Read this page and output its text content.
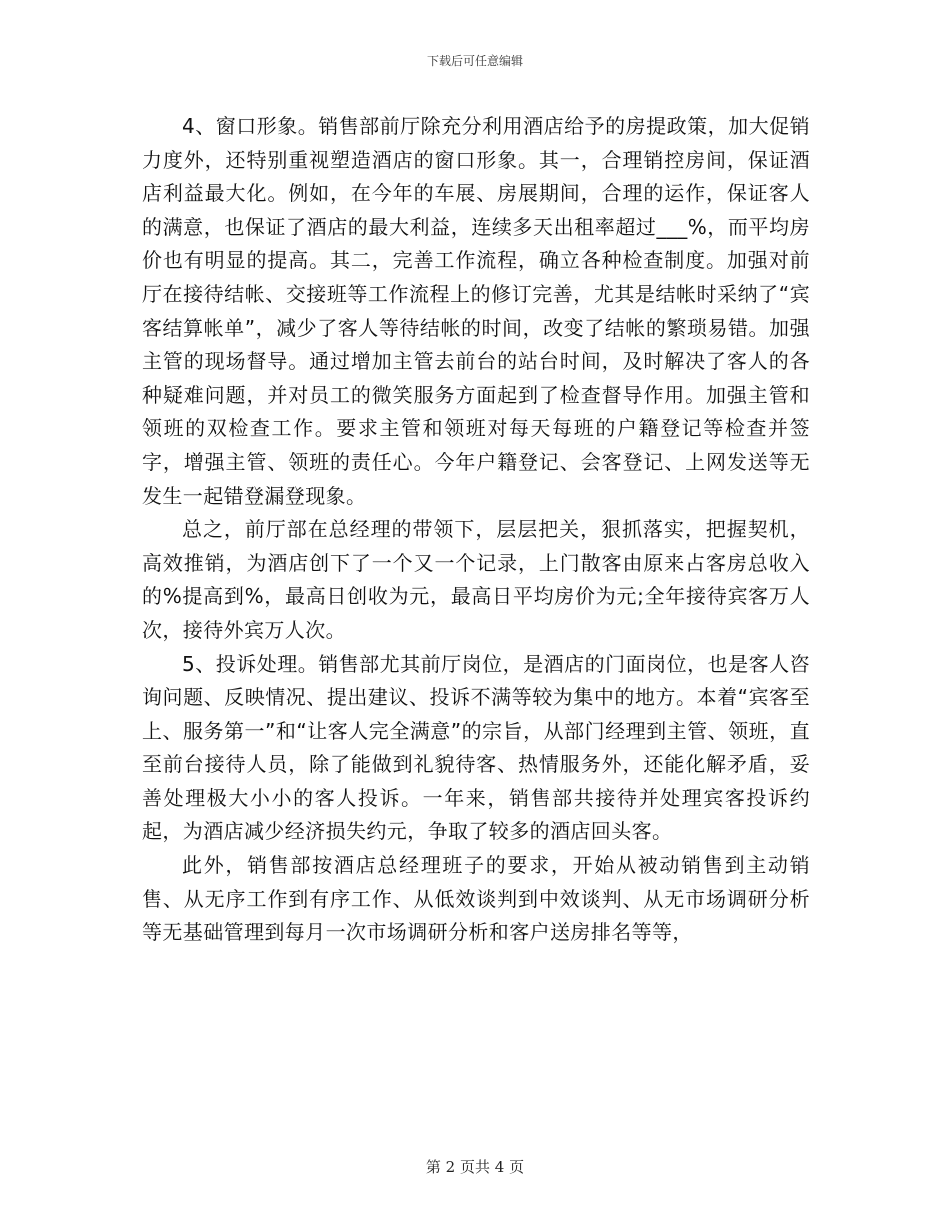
下载后可任意编辑

4、窗口形象。销售部前厅除充分利用酒店给予的房提政策，加大促销力度外，还特别重视塑造酒店的窗口形象。其一，合理销控房间，保证酒店利益最大化。例如，在今年的车展、房展期间，合理的运作，保证客人的满意，也保证了酒店的最大利益，连续多天出租率超过___%，而平均房价也有明显的提高。其二，完善工作流程，确立各种检查制度。加强对前厅在接待结帐、交接班等工作流程上的修订完善，尤其是结帐时采纳了“宾客结算帐单”，减少了客人等待结帐的时间，改变了结帐的繁琐易错。加强主管的现场督导。通过增加主管去前台的站台时间，及时解决了客人的各种疑难问题，并对员工的微笑服务方面起到了检查督导作用。加强主管和领班的双检查工作。要求主管和领班对每天每班的户籍登记等检查并签字，增强主管、领班的责任心。今年户籍登记、会客登记、上网发送等无发生一起错登漏登现象。

总之，前厅部在总经理的带领下，层层把关，狠抓落实，把握契机，高效推销，为酒店创下了一个又一个记录，上门散客由原来占客房总收入的%提高到%，最高日创收为元，最高日平均房价为元;全年接待宾客万人次，接待外宾万人次。

5、投诉处理。销售部尤其前厅岗位，是酒店的门面岗位，也是客人咨询问题、反映情况、提出建议、投诉不满等较为集中的地方。本着“宾客至上、服务第一”和“让客人完全满意”的宗旨，从部门经理到主管、领班，直至前台接待人员，除了能做到礼貌待客、热情服务外，还能化解矛盾，妥善处理极大小小的客人投诉。一年来，销售部共接待并处理宾客投诉约起，为酒店减少经济损失约元，争取了较多的酒店回头客。

此外，销售部按酒店总经理班子的要求，开始从被动销售到主动销售、从无序工作到有序工作、从低效谈判到中效谈判、从无市场调研分析等无基础管理到每月一次市场调研分析和客户送房排名等等，

第 2 页共 4 页
